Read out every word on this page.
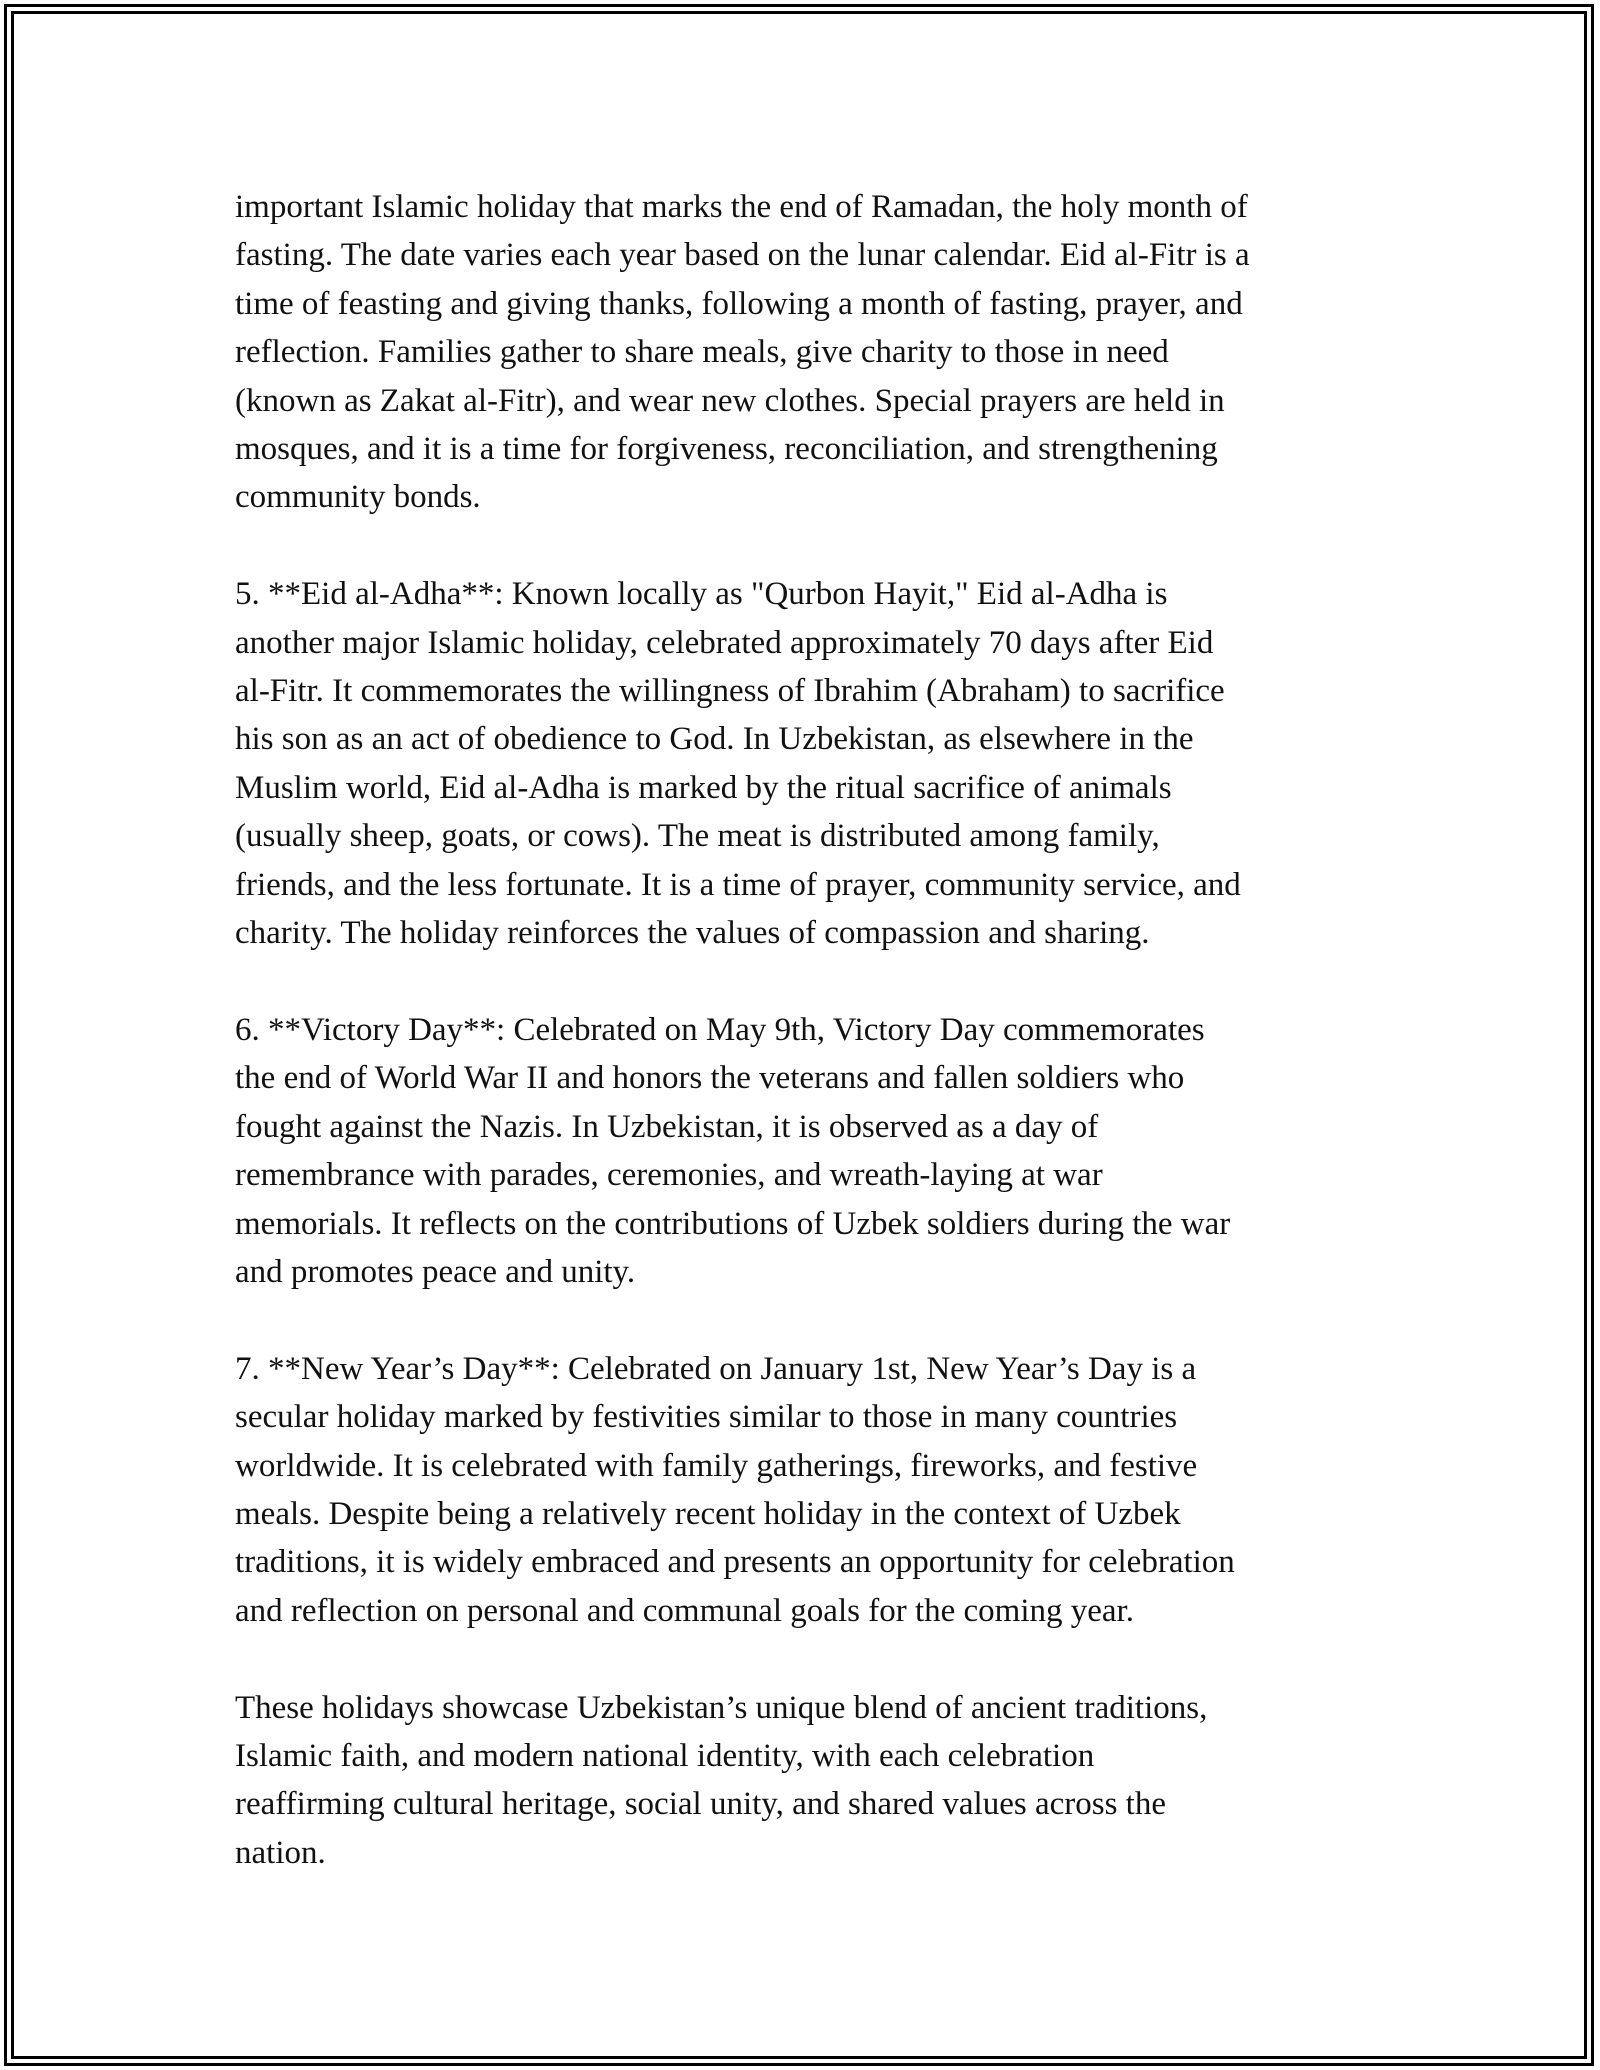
important Islamic holiday that marks the end of Ramadan, the holy month of
fasting. The date varies each year based on the lunar calendar. Eid al-Fitr is a
time of feasting and giving thanks, following a month of fasting, prayer, and
reflection. Families gather to share meals, give charity to those in need
(known as Zakat al-Fitr), and wear new clothes. Special prayers are held in
mosques, and it is a time for forgiveness, reconciliation, and strengthening
community bonds.

5. **Eid al-Adha**: Known locally as "Qurbon Hayit," Eid al-Adha is
another major Islamic holiday, celebrated approximately 70 days after Eid
al-Fitr. It commemorates the willingness of Ibrahim (Abraham) to sacrifice
his son as an act of obedience to God. In Uzbekistan, as elsewhere in the
Muslim world, Eid al-Adha is marked by the ritual sacrifice of animals
(usually sheep, goats, or cows). The meat is distributed among family,
friends, and the less fortunate. It is a time of prayer, community service, and
charity. The holiday reinforces the values of compassion and sharing.

6. **Victory Day**: Celebrated on May 9th, Victory Day commemorates
the end of World War II and honors the veterans and fallen soldiers who
fought against the Nazis. In Uzbekistan, it is observed as a day of
remembrance with parades, ceremonies, and wreath-laying at war
memorials. It reflects on the contributions of Uzbek soldiers during the war
and promotes peace and unity.

7. **New Year’s Day**: Celebrated on January 1st, New Year’s Day is a
secular holiday marked by festivities similar to those in many countries
worldwide. It is celebrated with family gatherings, fireworks, and festive
meals. Despite being a relatively recent holiday in the context of Uzbek
traditions, it is widely embraced and presents an opportunity for celebration
and reflection on personal and communal goals for the coming year.

These holidays showcase Uzbekistan’s unique blend of ancient traditions,
Islamic faith, and modern national identity, with each celebration
reaffirming cultural heritage, social unity, and shared values across the
nation.
